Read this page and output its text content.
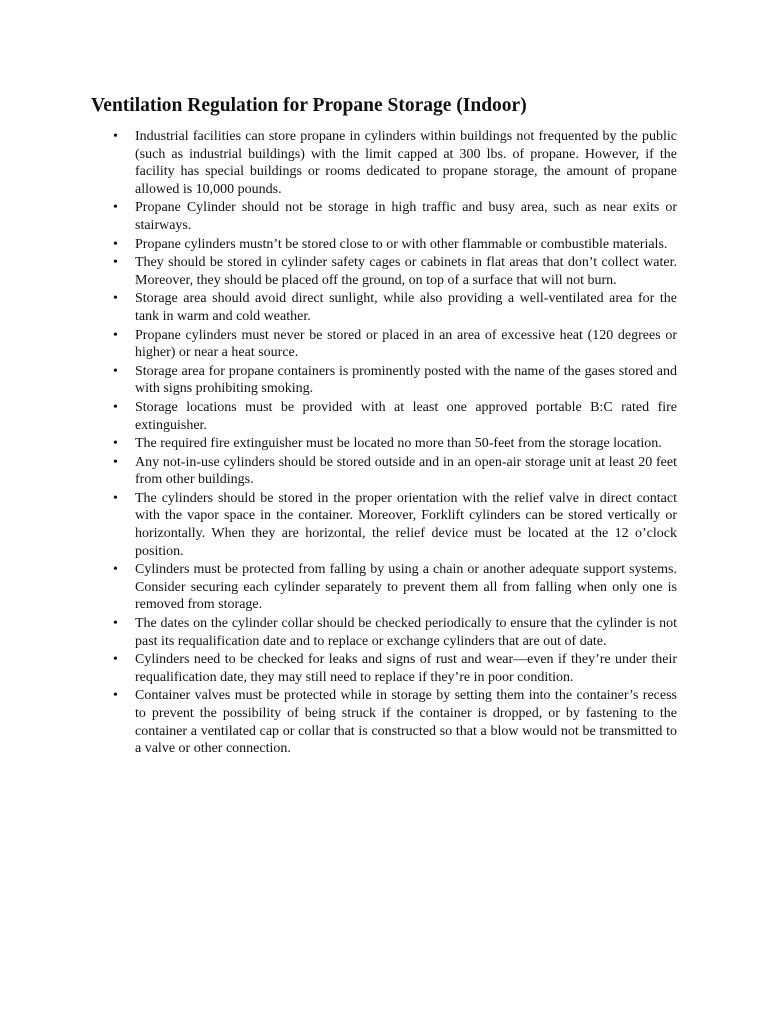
Ventilation Regulation for Propane Storage (Indoor)
• Industrial facilities can store propane in cylinders within buildings not frequented by the public (such as industrial buildings) with the limit capped at 300 lbs. of propane. However, if the facility has special buildings or rooms dedicated to propane storage, the amount of propane allowed is 10,000 pounds.
• Propane Cylinder should not be storage in high traffic and busy area, such as near exits or stairways.
• Propane cylinders mustn’t be stored close to or with other flammable or combustible materials.
• They should be stored in cylinder safety cages or cabinets in flat areas that don’t collect water. Moreover, they should be placed off the ground, on top of a surface that will not burn.
• Storage area should avoid direct sunlight, while also providing a well-ventilated area for the tank in warm and cold weather.
• Propane cylinders must never be stored or placed in an area of excessive heat (120 degrees or higher) or near a heat source.
• Storage area for propane containers is prominently posted with the name of the gases stored and with signs prohibiting smoking.
• Storage locations must be provided with at least one approved portable B:C rated fire extinguisher.
• The required fire extinguisher must be located no more than 50-feet from the storage location.
• Any not-in-use cylinders should be stored outside and in an open-air storage unit at least 20 feet from other buildings.
• The cylinders should be stored in the proper orientation with the relief valve in direct contact with the vapor space in the container. Moreover, Forklift cylinders can be stored vertically or horizontally. When they are horizontal, the relief device must be located at the 12 o’clock position.
• Cylinders must be protected from falling by using a chain or another adequate support systems. Consider securing each cylinder separately to prevent them all from falling when only one is removed from storage.
• The dates on the cylinder collar should be checked periodically to ensure that the cylinder is not past its requalification date and to replace or exchange cylinders that are out of date.
• Cylinders need to be checked for leaks and signs of rust and wear—even if they’re under their requalification date, they may still need to replace if they’re in poor condition.
• Container valves must be protected while in storage by setting them into the container’s recess to prevent the possibility of being struck if the container is dropped, or by fastening to the container a ventilated cap or collar that is constructed so that a blow would not be transmitted to a valve or other connection.
